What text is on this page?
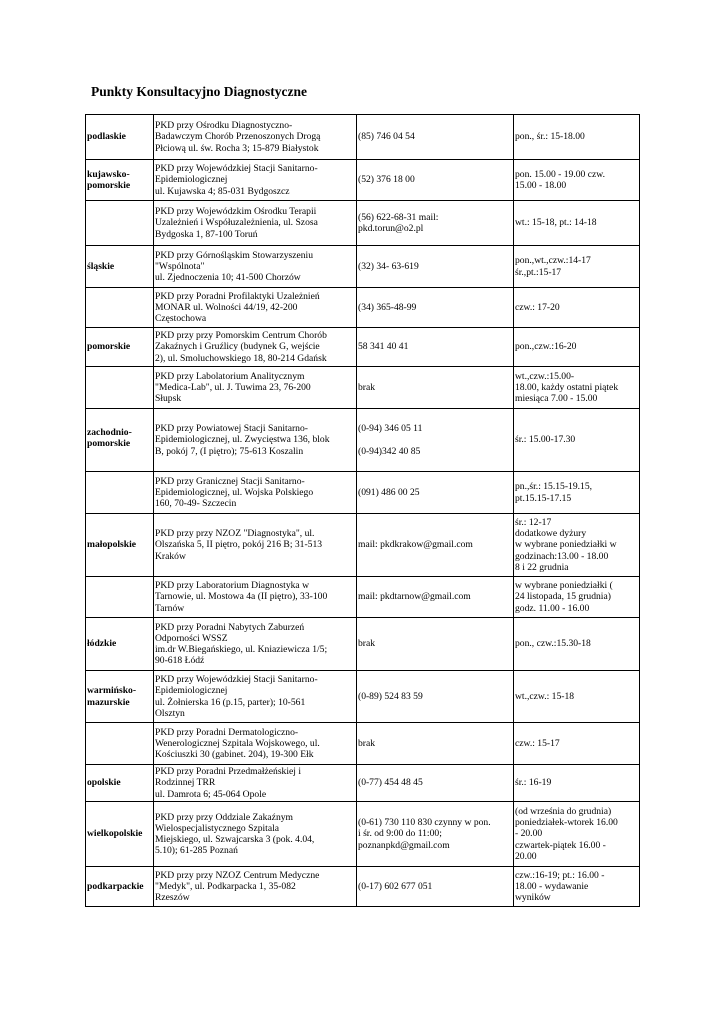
Punkty Konsultacyjno Diagnostyczne
podlaskie	PKD przy Ośrodku Diagnostyczno-
Badawczym Chorób Przenoszonych Drogą
Płciową ul. św. Rocha 3; 15-879 Białystok	(85) 746 04 54	pon., śr.: 15-18.00
kujawsko-
pomorskie	PKD przy Wojewódzkiej Stacji Sanitarno-
Epidemiologicznej
ul. Kujawska 4; 85-031 Bydgoszcz	(52) 376 18 00	pon. 15.00 - 19.00 czw.
15.00 - 18.00
	PKD przy Wojewódzkim Ośrodku Terapii
Uzależnień i Współuzależnienia, ul. Szosa
Bydgoska 1, 87-100 Toruń	(56) 622-68-31 mail:
pkd.torun@o2.pl	wt.: 15-18, pt.: 14-18
śląskie	PKD przy Górnośląskim Stowarzyszeniu
"Wspólnota"
ul. Zjednoczenia 10; 41-500 Chorzów	(32) 34- 63-619	pon.,wt.,czw.:14-17
śr.,pt.:15-17
	PKD przy Poradni Profilaktyki Uzależnień
MONAR ul. Wolności 44/19, 42-200
Częstochowa	(34) 365-48-99	czw.: 17-20
pomorskie	PKD przy przy Pomorskim Centrum Chorób
Zakaźnych i Gruźlicy (budynek G, wejście
2), ul. Smoluchowskiego 18, 80-214 Gdańsk	58 341 40 41	pon.,czw.:16-20
	PKD przy Labolatorium Analitycznym
"Medica-Lab", ul. J. Tuwima 23, 76-200
Słupsk	brak	wt.,czw.:15.00-
18.00, każdy ostatni piątek
miesiąca 7.00 - 15.00
zachodnio-
pomorskie	PKD przy Powiatowej Stacji Sanitarno-
Epidemiologicznej, ul. Zwycięstwa 136, blok
B, pokój 7, (I piętro); 75-613 Koszalin	(0-94) 346 05 11

(0-94)342 40 85	śr.: 15.00-17.30
	PKD przy Granicznej Stacji Sanitarno-
Epidemiologicznej, ul. Wojska Polskiego
160, 70-49- Szczecin	(091) 486 00 25	pn.,śr.: 15.15-19.15,
pt.15.15-17.15
małopolskie	PKD przy przy NZOZ "Diagnostyka", ul.
Olszańska 5, II piętro, pokój 216 B; 31-513
Kraków	mail: pkdkrakow@gmail.com	śr.: 12-17
dodatkowe dyżury
w wybrane poniedziałki w
godzinach:13.00 - 18.00
8 i 22 grudnia
	PKD przy Laboratorium Diagnostyka w
Tarnowie, ul. Mostowa 4a (II piętro), 33-100
Tarnów	mail: pkdtarnow@gmail.com	w wybrane poniedziałki (
24 listopada, 15 grudnia)
godz. 11.00 - 16.00
łódzkie	PKD przy Poradni Nabytych Zaburzeń
Odporności WSSZ
im.dr W.Biegańskiego, ul. Kniaziewicza 1/5;
90-618 Łódź	brak	pon., czw.:15.30-18
warmińsko-
mazurskie	PKD przy Wojewódzkiej Stacji Sanitarno-
Epidemiologicznej
ul. Żołnierska 16 (p.15, parter); 10-561
Olsztyn	(0-89) 524 83 59	wt.,czw.: 15-18
	PKD przy Poradni Dermatologiczno-
Wenerologicznej Szpitala Wojskowego, ul.
Kościuszki 30 (gabinet. 204), 19-300 Ełk	brak	czw.: 15-17
opolskie	PKD przy Poradni Przedmałżeńskiej i
Rodzinnej TRR
ul. Damrota 6; 45-064 Opole	(0-77) 454 48 45	śr.: 16-19
wielkopolskie	PKD przy przy Oddziale Zakaźnym
Wielospecjalistycznego Szpitala
Miejskiego, ul. Szwajcarska 3 (pok. 4.04,
5.10); 61-285 Poznań	(0-61) 730 110 830 czynny w pon.
i śr. od 9:00 do 11:00;
poznanpkd@gmail.com	(od września do grudnia)
poniedziałek-wtorek 16.00
- 20.00
czwartek-piątek 16.00 -
20.00
podkarpackie	PKD przy przy NZOZ Centrum Medyczne
"Medyk", ul. Podkarpacka 1, 35-082
Rzeszów	(0-17) 602 677 051	czw.:16-19; pt.: 16.00 -
18.00 - wydawanie
wyników
